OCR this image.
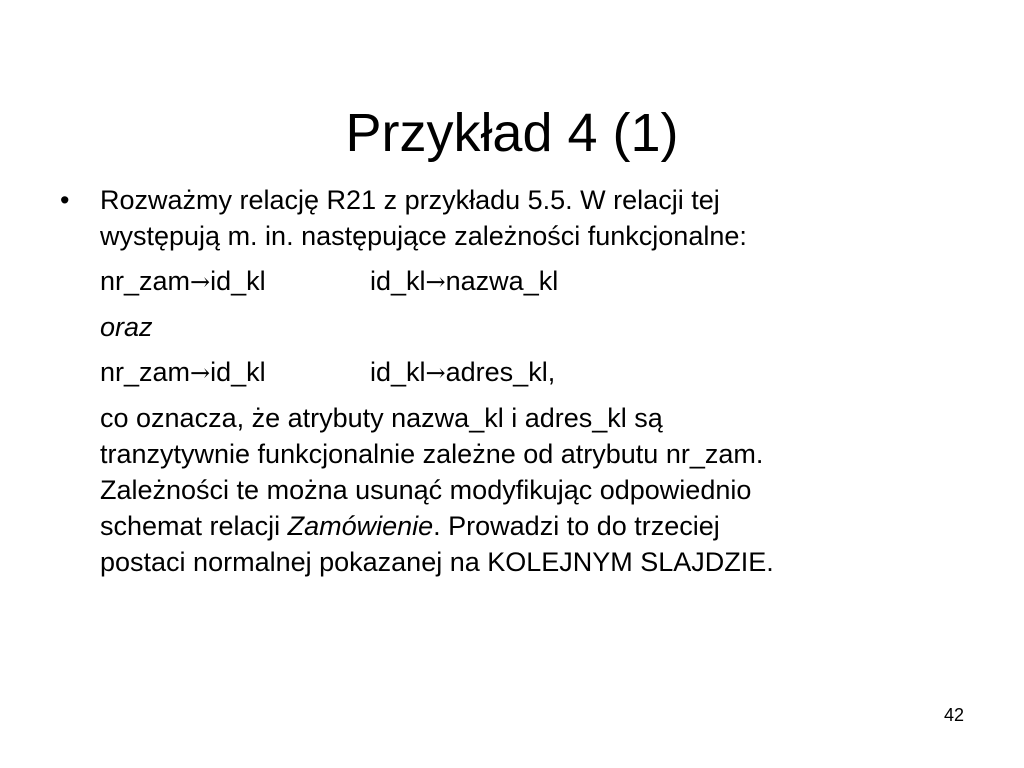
Przykład 4 (1)
• Rozważmy relację R21 z przykładu 5.5. W relacji tej
występują m. in. następujące zależności funkcjonalne:
nr_zam→id_kl	id_kl→nazwa_kl
oraz
nr_zam→id_kl	id_kl→adres_kl,
co oznacza, że atrybuty nazwa_kl i adres_kl są
tranzytywnie funkcjonalnie zależne od atrybutu nr_zam.
Zależności te można usunąć modyfikując odpowiednio
schemat relacji Zamówienie. Prowadzi to do trzeciej
postaci normalnej pokazanej na KOLEJNYM SLAJDZIE.
42
